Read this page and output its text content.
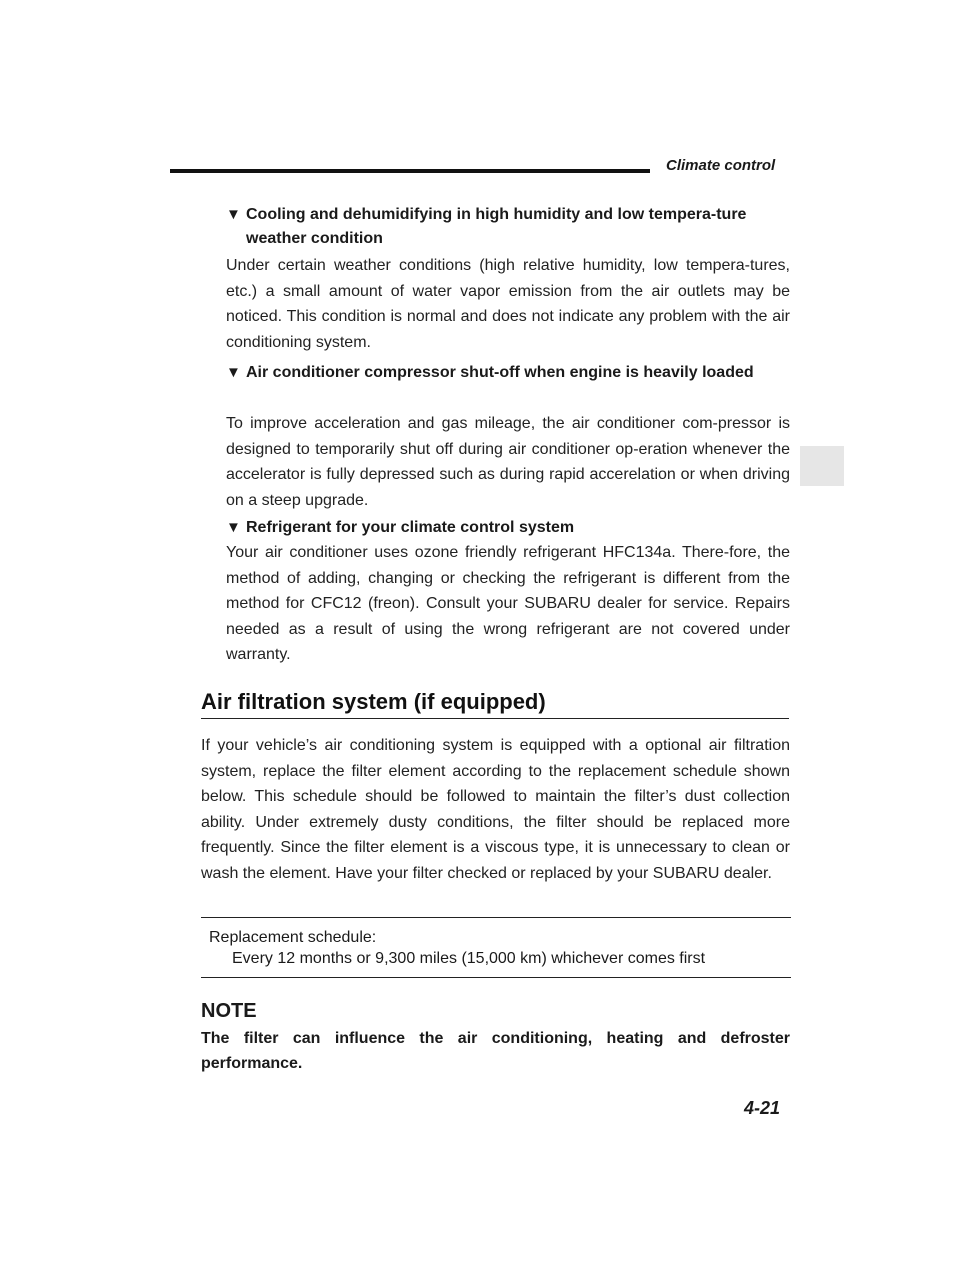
Climate control
▼ Cooling and dehumidifying in high humidity and low tempera-ture weather condition
Under certain weather conditions (high relative humidity, low tempera-tures, etc.) a small amount of water vapor emission from the air outlets may be noticed. This condition is normal and does not indicate any problem with the air conditioning system.
▼ Air conditioner compressor shut-off when engine is heavily loaded
To improve acceleration and gas mileage, the air conditioner com-pressor is designed to temporarily shut off during air conditioner op-eration whenever the accelerator is fully depressed such as during rapid accerelation or when driving on a steep upgrade.
▼ Refrigerant for your climate control system
Your air conditioner uses ozone friendly refrigerant HFC134a. There-fore, the method of adding, changing or checking the refrigerant is different from the method for CFC12 (freon). Consult your SUBARU dealer for service. Repairs needed as a result of using the wrong refrigerant are not covered under warranty.
Air filtration system (if equipped)
If your vehicle’s air conditioning system is equipped with a optional air filtration system, replace the filter element according to the replacement schedule shown below. This schedule should be followed to maintain the filter’s dust collection ability. Under extremely dusty conditions, the filter should be replaced more frequently. Since the filter element is a viscous type, it is unnecessary to clean or wash the element. Have your filter checked or replaced by your SUBARU dealer.
Replacement schedule:
Every 12 months or 9,300 miles (15,000 km) whichever comes first
NOTE
The filter can influence the air conditioning, heating and defroster performance.
4-21
